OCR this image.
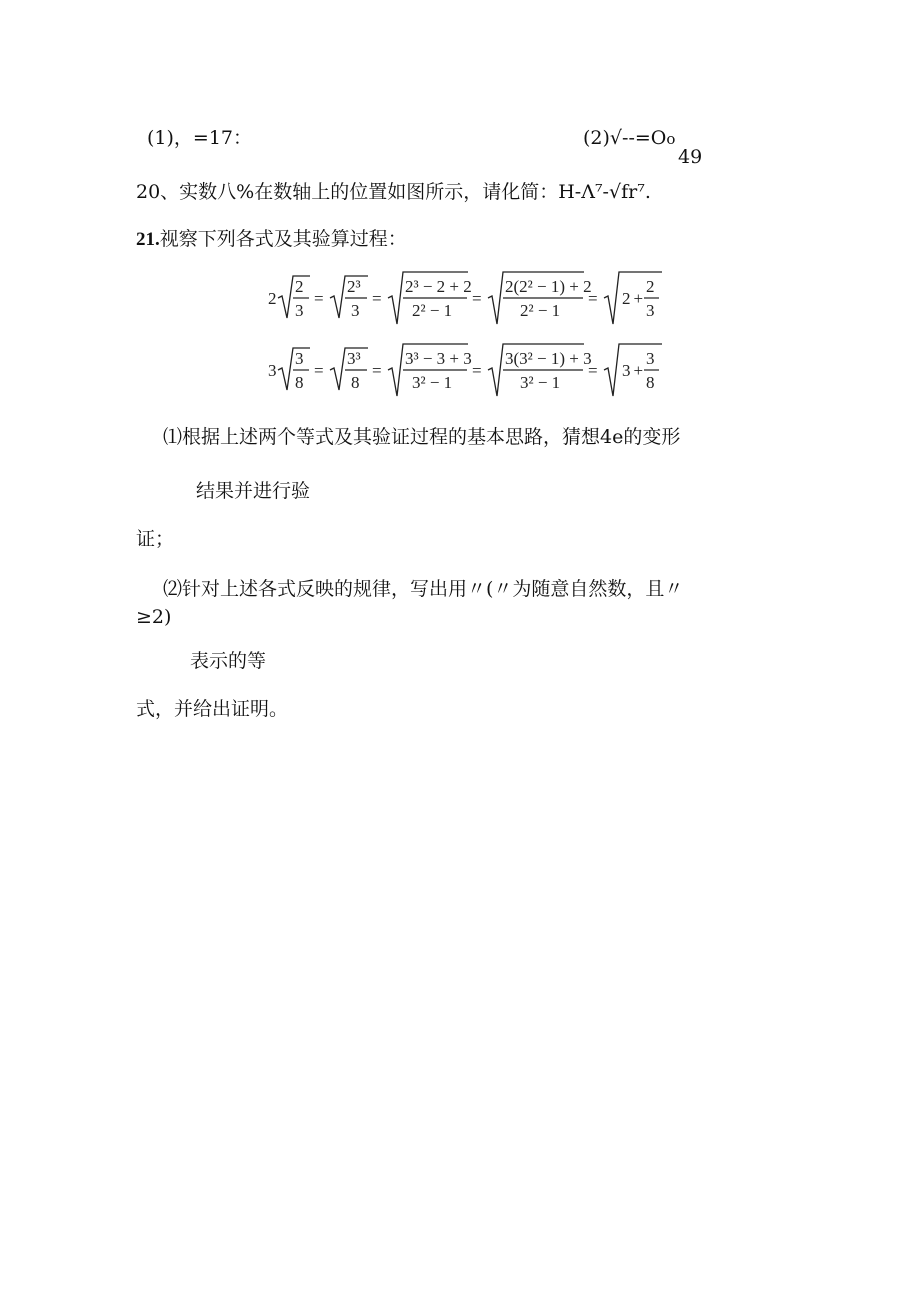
(1)，=17：	(2)√--=Oo
49
20、实数八%在数轴上的位置如图所示，请化简：H-Λ⁷-√fr⁷.
21.视察下列各式及其验算过程：
2
2
3
=
2³
3
=
2³ − 2 + 2
2² − 1
=
2(2² − 1) + 2
2² − 1
= 2 +
2
3
3
3
8
=
3³
8
=
3³ − 3 + 3
3² − 1
=
3(3² − 1) + 3
3² − 1
= 3 +
3
8
⑴根据上述两个等式及其验证过程的基本思路，猜想4e的变形
结果并进行验
证；
⑵针对上述各式反映的规律，写出用〃(〃为随意自然数，且〃
≥2)
表示的等
式，并给出证明。
